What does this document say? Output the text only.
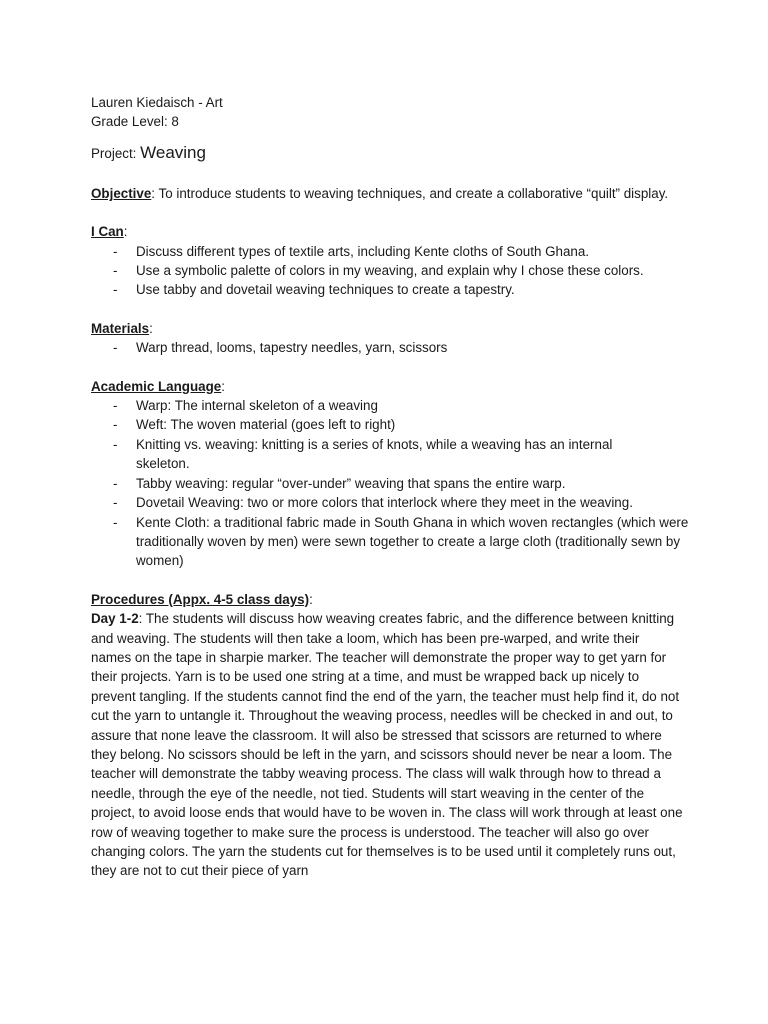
Lauren Kiedaisch - Art

Grade Level: 8

Project: Weaving

Objective: To introduce students to weaving techniques, and create a collaborative “quilt” display.

I Can:

- Discuss different types of textile arts, including Kente cloths of South Ghana.
- Use a symbolic palette of colors in my weaving, and explain why I chose these colors.
- Use tabby and dovetail weaving techniques to create a tapestry.

Materials:

- Warp thread, looms, tapestry needles, yarn, scissors

Academic Language:

- Warp: The internal skeleton of a weaving
- Weft: The woven material (goes left to right)
- Knitting vs. weaving: knitting is a series of knots, while a weaving has an internal skeleton.
- Tabby weaving: regular “over-under” weaving that spans the entire warp.
- Dovetail Weaving: two or more colors that interlock where they meet in the weaving.
- Kente Cloth: a traditional fabric made in South Ghana in which woven rectangles (which were traditionally woven by men) were sewn together to create a large cloth (traditionally sewn by women)

Procedures (Appx. 4-5 class days):

Day 1-2: The students will discuss how weaving creates fabric, and the difference between knitting and weaving. The students will then take a loom, which has been pre-warped, and write their names on the tape in sharpie marker. The teacher will demonstrate the proper way to get yarn for their projects. Yarn is to be used one string at a time, and must be wrapped back up nicely to prevent tangling. If the students cannot find the end of the yarn, the teacher must help find it, do not cut the yarn to untangle it. Throughout the weaving process, needles will be checked in and out, to assure that none leave the classroom. It will also be stressed that scissors are returned to where they belong. No scissors should be left in the yarn, and scissors should never be near a loom. The teacher will demonstrate the tabby weaving process. The class will walk through how to thread a needle, through the eye of the needle, not tied. Students will start weaving in the center of the project, to avoid loose ends that would have to be woven in. The class will work through at least one row of weaving together to make sure the process is understood. The teacher will also go over changing colors. The yarn the students cut for themselves is to be used until it completely runs out, they are not to cut their piece of yarn
